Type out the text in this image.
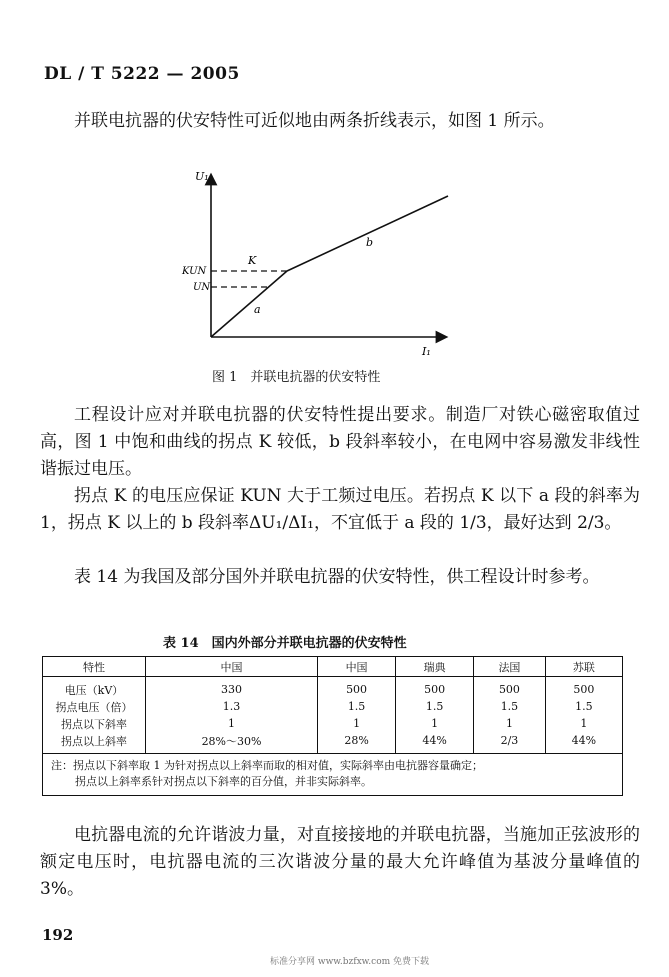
DL / T 5222 — 2005
并联电抗器的伏安特性可近似地由两条折线表示，如图 1 所示。
U₁
I₁
K
KUN
UN
a
b
图 1　并联电抗器的伏安特性
工程设计应对并联电抗器的伏安特性提出要求。制造厂对铁心磁密取值过高，图 1 中饱和曲线的拐点 K 较低，b 段斜率较小，在电网中容易激发非线性谐振过电压。
拐点 K 的电压应保证 KUN 大于工频过电压。若拐点 K 以下 a 段的斜率为 1，拐点 K 以上的 b 段斜率ΔU₁/ΔI₁，不宜低于 a 段的 1/3，最好达到 2/3。
表 14 为我国及部分国外并联电抗器的伏安特性，供工程设计时参考。
表 14　国内外部分并联电抗器的伏安特性
特性	中国	中国	瑞典	法国	苏联
电压（kV）	330	500	500	500	500
拐点电压（倍）	1.3	1.5	1.5	1.5	1.5
拐点以下斜率	1	1	1	1	1
拐点以上斜率	28%～30%	28%	44%	2/3	44%
注：拐点以下斜率取 1 为针对拐点以上斜率而取的相对值，实际斜率由电抗器容量确定；
拐点以上斜率系针对拐点以下斜率的百分值，并非实际斜率。
电抗器电流的允许谐波力量，对直接接地的并联电抗器，当施加正弦波形的额定电压时，电抗器电流的三次谐波分量的最大允许峰值为基波分量峰值的 3%。
192
标准分享网 www.bzfxw.com 免费下载
